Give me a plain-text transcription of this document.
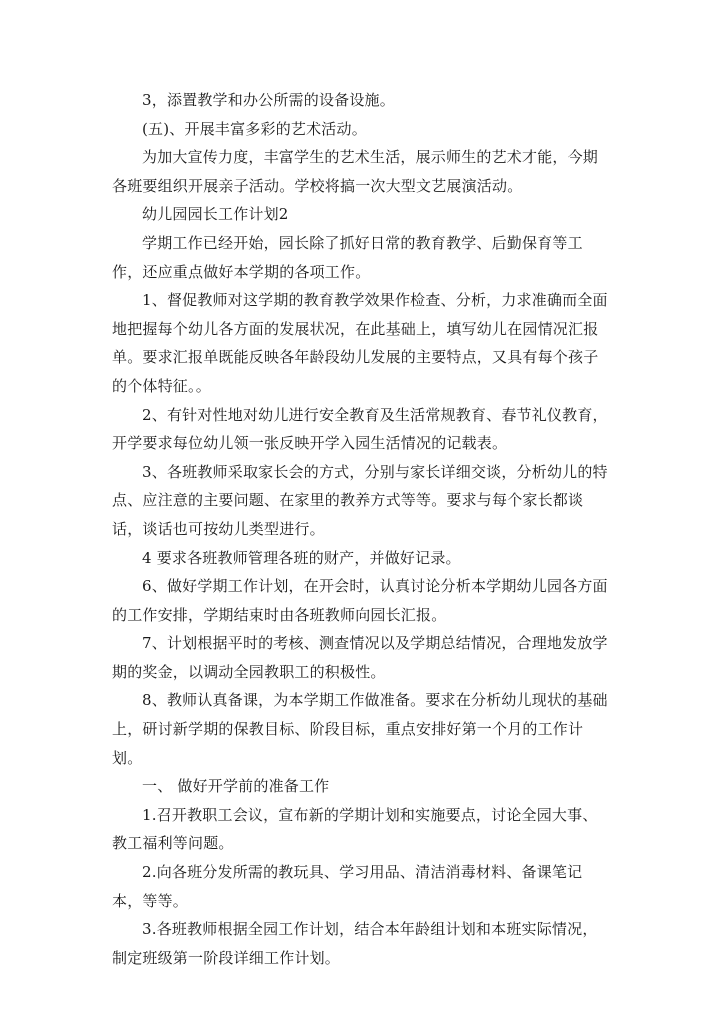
3，添置教学和办公所需的设备设施。

(五)、开展丰富多彩的艺术活动。

为加大宣传力度，丰富学生的艺术生活，展示师生的艺术才能，今期各班要组织开展亲子活动。学校将搞一次大型文艺展演活动。

幼儿园园长工作计划2

学期工作已经开始，园长除了抓好日常的教育教学、后勤保育等工作，还应重点做好本学期的各项工作。

1、督促教师对这学期的教育教学效果作检查、分析，力求准确而全面地把握每个幼儿各方面的发展状况，在此基础上，填写幼儿在园情况汇报单。要求汇报单既能反映各年龄段幼儿发展的主要特点，又具有每个孩子的个体特征。。

2、有针对性地对幼儿进行安全教育及生活常规教育、春节礼仪教育，开学要求每位幼儿领一张反映开学入园生活情况的记载表。

3、各班教师采取家长会的方式，分别与家长详细交谈，分析幼儿的特点、应注意的主要问题、在家里的教养方式等等。要求与每个家长都谈话，谈话也可按幼儿类型进行。

4 要求各班教师管理各班的财产，并做好记录。

6、做好学期工作计划，在开会时，认真讨论分析本学期幼儿园各方面的工作安排，学期结束时由各班教师向园长汇报。

7、计划根据平时的考核、测查情况以及学期总结情况，合理地发放学期的奖金，以调动全园教职工的积极性。

8、教师认真备课，为本学期工作做准备。要求在分析幼儿现状的基础上，研讨新学期的保教目标、阶段目标，重点安排好第一个月的工作计划。

一、 做好开学前的准备工作

1.召开教职工会议，宣布新的学期计划和实施要点，讨论全园大事、教工福利等问题。

2.向各班分发所需的教玩具、学习用品、清洁消毒材料、备课笔记本，等等。

3.各班教师根据全园工作计划，结合本年龄组计划和本班实际情况，制定班级第一阶段详细工作计划。
